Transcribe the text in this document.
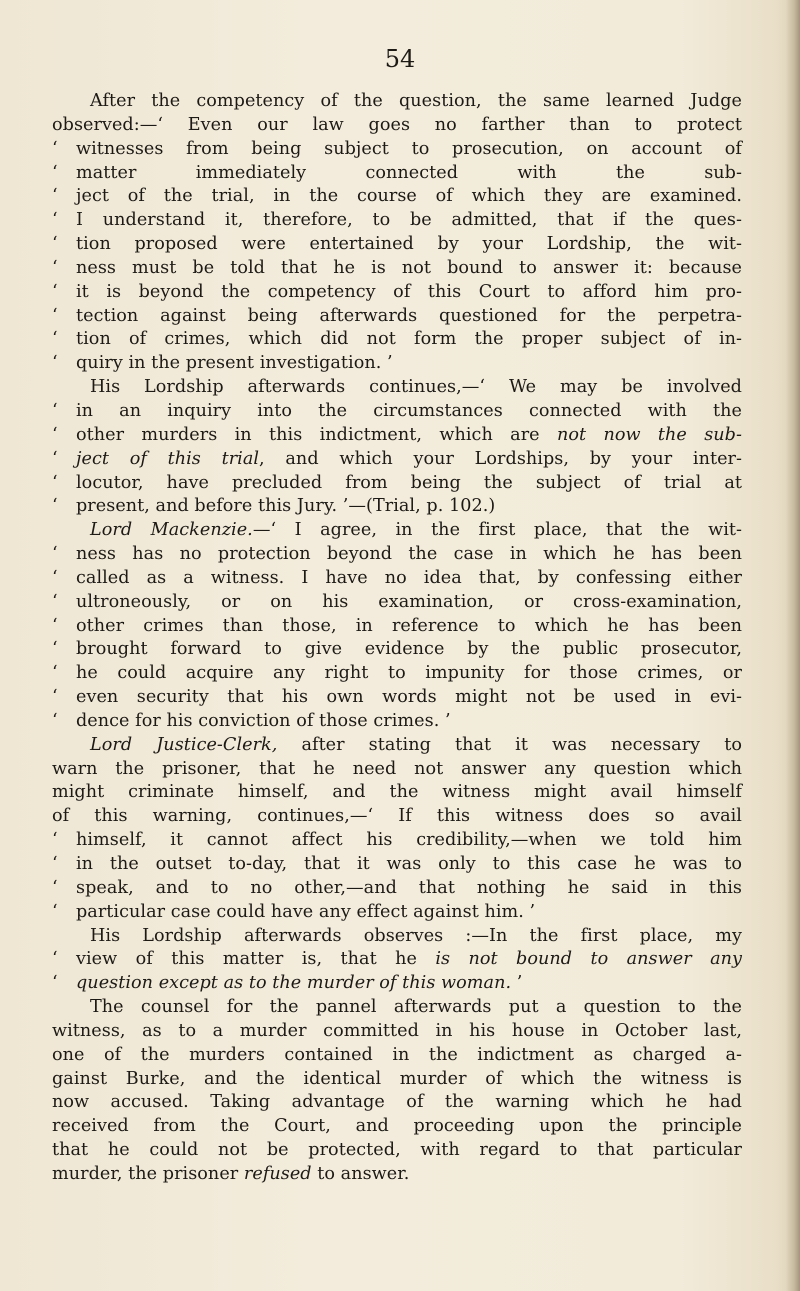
54
After the competency of the question, the same learned Judge
observed:—‘ Even our law goes no farther than to protect
‘	witnesses from being subject to prosecution, on account of
‘	matter immediately connected with the sub-
‘	ject of the trial, in the course of which they are examined.
‘	I understand it, therefore, to be admitted, that if the ques-
‘	tion proposed were entertained by your Lordship, the wit-
‘	ness must be told that he is not bound to answer it: because
‘	it is beyond the competency of this Court to afford him pro-
‘	tection against being afterwards questioned for the perpetra-
‘	tion of crimes, which did not form the proper subject of in-
‘	quiry in the present investigation. ’
His Lordship afterwards continues,—‘ We may be involved
‘	in an inquiry into the circumstances connected with the
‘	other murders in this indictment, which are not now the sub-
‘	ject of this trial, and which your Lordships, by your inter-
‘	locutor, have precluded from being the subject of trial at
‘	present, and before this Jury. ’—(Trial, p. 102.)
Lord Mackenzie.—‘ I agree, in the first place, that the wit-
‘	ness has no protection beyond the case in which he has been
‘	called as a witness. I have no idea that, by confessing either
‘	ultroneously, or on his examination, or cross-examination,
‘	other crimes than those, in reference to which he has been
‘	brought forward to give evidence by the public prosecutor,
‘	he could acquire any right to impunity for those crimes, or
‘	even security that his own words might not be used in evi-
‘	dence for his conviction of those crimes. ’
Lord Justice-Clerk, after stating that it was necessary to
warn the prisoner, that he need not answer any question which
might criminate himself, and the witness might avail himself
of this warning, continues,—‘ If this witness does so avail
‘	himself, it cannot affect his credibility,—when we told him
‘	in the outset to-day, that it was only to this case he was to
‘	speak, and to no other,—and that nothing he said in this
‘	particular case could have any effect against him. ’
His Lordship afterwards observes :—In the first place, my
‘	view of this matter is, that he is not bound to answer any
‘	question except as to the murder of this woman. ’
The counsel for the pannel afterwards put a question to the
witness, as to a murder committed in his house in October last,
one of the murders contained in the indictment as charged a-
gainst Burke, and the identical murder of which the witness is
now accused. Taking advantage of the warning which he had
received from the Court, and proceeding upon the principle
that he could not be protected, with regard to that particular
murder, the prisoner refused to answer.
